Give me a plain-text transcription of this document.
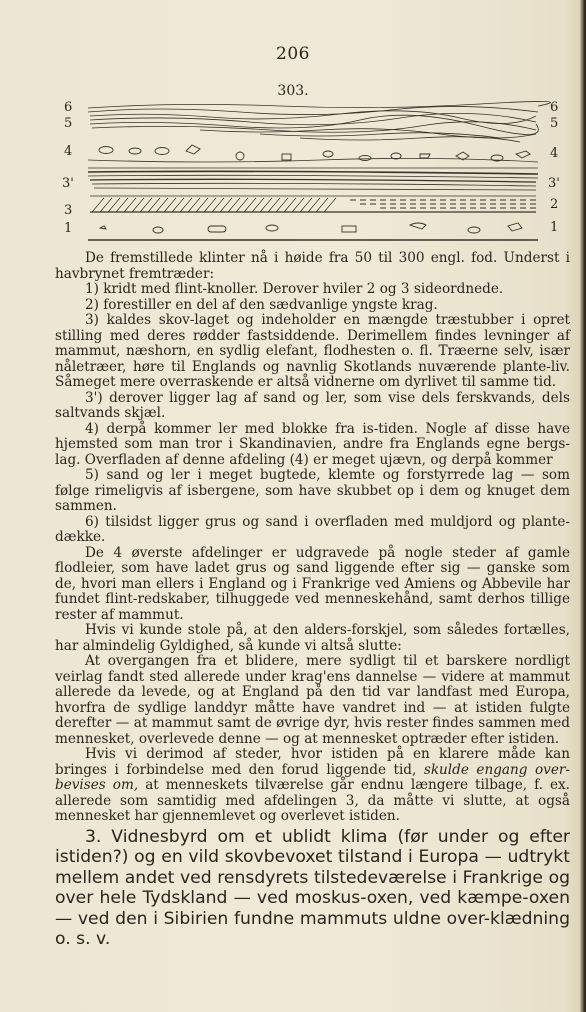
206
303.
6
5
4
3'
3
1
6
5
4
3'
2
1

De fremstillede klinter nå i høide fra 50 til 300 engl. fod. Underst i havbrynet fremtræder:

1) kridt med flint-knoller. Derover hviler 2 og 3 sideordnede.

2) forestiller en del af den sædvanlige yngste krag.

3) kaldes skov-laget og indeholder en mængde træstubber i opret stilling med deres rødder fastsiddende. Derimellem findes levninger af mammut, næshorn, en sydlig elefant, flodhesten o. fl. Træerne selv, især nåletræer, høre til Englands og navnlig Skotlands nuværende plante-liv. Såmeget mere overraskende er altså vidnerne om dyrlivet til samme tid.

3') derover ligger lag af sand og ler, som vise dels ferskvands, dels saltvands skjæl.

4) derpå kommer ler med blokke fra is-tiden. Nogle af disse have hjemsted som man tror i Skandinavien, andre fra Englands egne bergs-lag. Overfladen af denne afdeling (4) er meget ujævn, og derpå kommer

5) sand og ler i meget bugtede, klemte og forstyrrede lag — som følge rimeligvis af isbergene, som have skubbet op i dem og knuget dem sammen.

6) tilsidst ligger grus og sand i overfladen med muldjord og plante-dække.

De 4 øverste afdelinger er udgravede på nogle steder af gamle flodleier, som have ladet grus og sand liggende efter sig — ganske som de, hvori man ellers i England og i Frankrige ved Amiens og Abbevile har fundet flint-redskaber, tilhuggede ved menneskehånd, samt derhos tillige rester af mammut.

Hvis vi kunde stole på, at den alders-forskjel, som således fortælles, har almindelig Gyldighed, så kunde vi altså slutte:

At overgangen fra et blidere, mere sydligt til et barskere nordligt veirlag fandt sted allerede under krag'ens dannelse — videre at mammut allerede da levede, og at England på den tid var landfast med Europa, hvorfra de sydlige landdyr måtte have vandret ind — at istiden fulgte derefter — at mammut samt de øvrige dyr, hvis rester findes sammen med mennesket, overlevede denne — og at mennesket optræder efter istiden.

Hvis vi derimod af steder, hvor istiden på en klarere måde kan bringes i forbindelse med den forud liggende tid, skulde engang over-bevises om, at menneskets tilværelse går endnu længere tilbage, f. ex. allerede som samtidig med afdelingen 3, da måtte vi slutte, at også mennesket har gjennemlevet og overlevet istiden.

3. Vidnesbyrd om et ublidt klima (før under og efter istiden?) og en vild skovbevoxet tilstand i Europa — udtrykt mellem andet ved rensdyrets tilstedeværelse i Frankrige og over hele Tydskland — ved moskus-oxen, ved kæmpe-oxen — ved den i Sibirien fundne mammuts uldne over-klædning o. s. v.
